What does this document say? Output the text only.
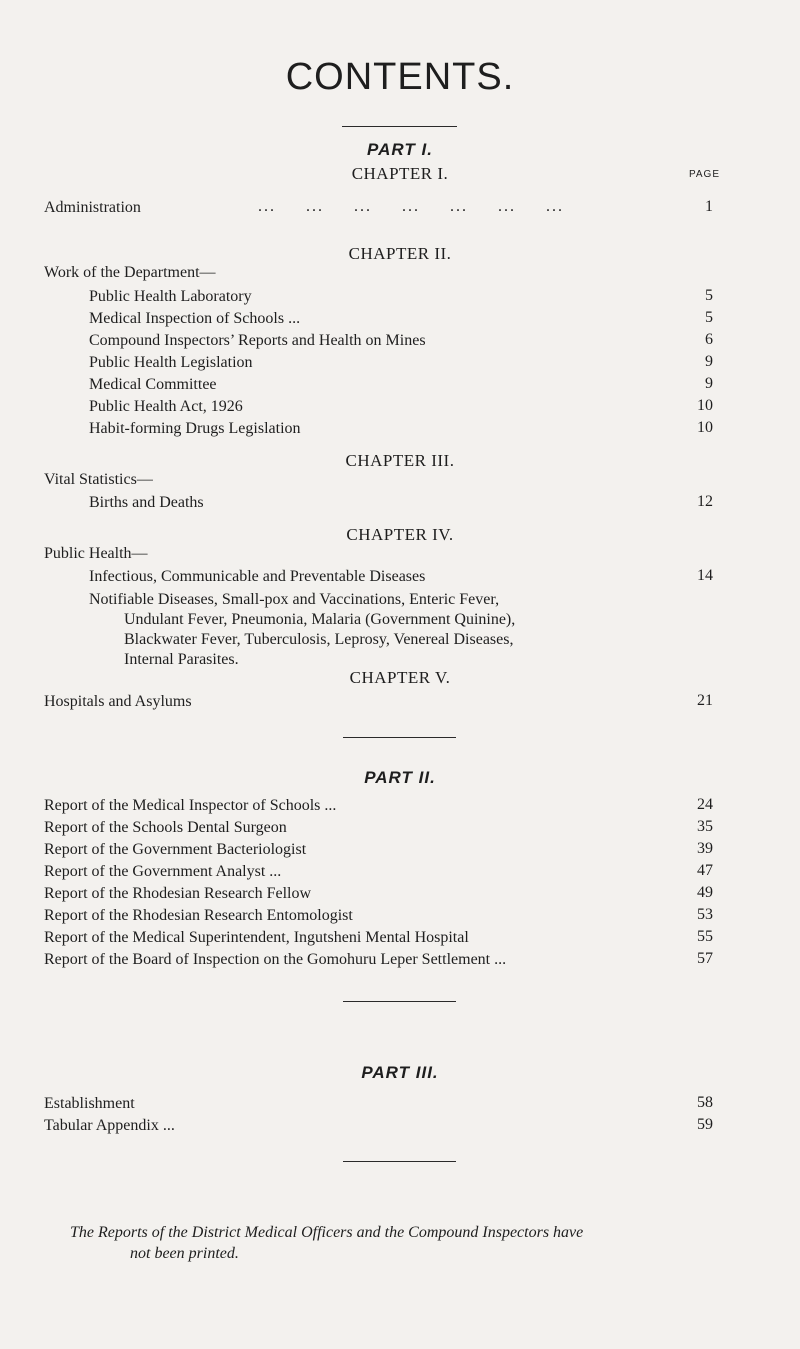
CONTENTS.
PART I.
PAGE
CHAPTER I.
Administration	1
CHAPTER II.
Work of the Department—
Public Health Laboratory	5
Medical Inspection of Schools ...	5
Compound Inspectors’ Reports and Health on Mines	6
Public Health Legislation	9
Medical Committee	9
Public Health Act, 1926	10
Habit-forming Drugs Legislation	10
CHAPTER III.
Vital Statistics—
Births and Deaths	12
CHAPTER IV.
Public Health—
Infectious, Communicable and Preventable Diseases	14
Notifiable Diseases, Small-pox and Vaccinations, Enteric Fever,
Undulant Fever, Pneumonia, Malaria (Government Quinine),
Blackwater Fever, Tuberculosis, Leprosy, Venereal Diseases,
Internal Parasites.
CHAPTER V.
Hospitals and Asylums	21
PART II.
Report of the Medical Inspector of Schools ...	24
Report of the Schools Dental Surgeon	35
Report of the Government Bacteriologist	39
Report of the Government Analyst ...	47
Report of the Rhodesian Research Fellow	49
Report of the Rhodesian Research Entomologist	53
Report of the Medical Superintendent, Ingutsheni Mental Hospital	55
Report of the Board of Inspection on the Gomohuru Leper Settlement ...	57
PART III.
Establishment	58
Tabular Appendix ...	59
The Reports of the District Medical Officers and the Compound Inspectors have
not been printed.
... ... ... ... ... ... ...
